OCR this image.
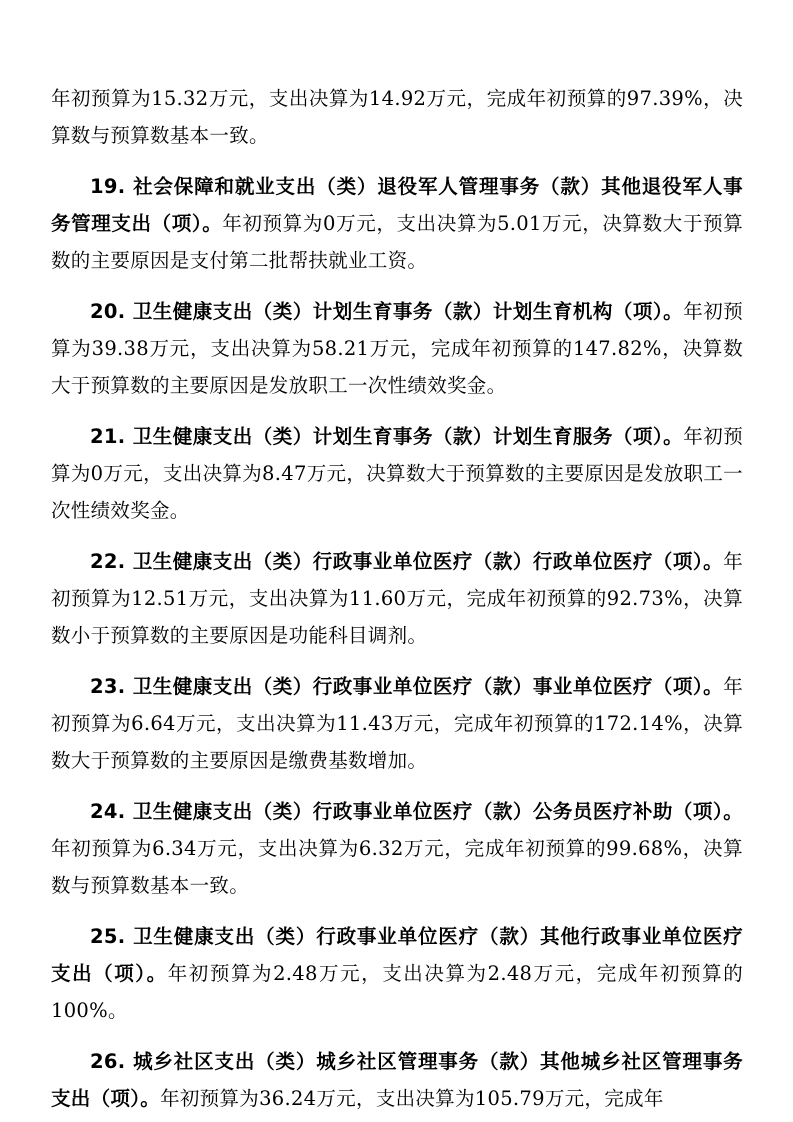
年初预算为15.32万元，支出决算为14.92万元，完成年初预算的97.39%，决算数与预算数基本一致。

19. 社会保障和就业支出（类）退役军人管理事务（款）其他退役军人事务管理支出（项）。年初预算为0万元，支出决算为5.01万元，决算数大于预算数的主要原因是支付第二批帮扶就业工资。

20. 卫生健康支出（类）计划生育事务（款）计划生育机构（项）。年初预算为39.38万元，支出决算为58.21万元，完成年初预算的147.82%，决算数大于预算数的主要原因是发放职工一次性绩效奖金。

21. 卫生健康支出（类）计划生育事务（款）计划生育服务（项）。年初预算为0万元，支出决算为8.47万元，决算数大于预算数的主要原因是发放职工一次性绩效奖金。

22. 卫生健康支出（类）行政事业单位医疗（款）行政单位医疗（项）。年初预算为12.51万元，支出决算为11.60万元，完成年初预算的92.73%，决算数小于预算数的主要原因是功能科目调剂。

23. 卫生健康支出（类）行政事业单位医疗（款）事业单位医疗（项）。年初预算为6.64万元，支出决算为11.43万元，完成年初预算的172.14%，决算数大于预算数的主要原因是缴费基数增加。

24. 卫生健康支出（类）行政事业单位医疗（款）公务员医疗补助（项）。年初预算为6.34万元，支出决算为6.32万元，完成年初预算的99.68%，决算数与预算数基本一致。

25. 卫生健康支出（类）行政事业单位医疗（款）其他行政事业单位医疗支出（项）。年初预算为2.48万元，支出决算为2.48万元，完成年初预算的100%。

26. 城乡社区支出（类）城乡社区管理事务（款）其他城乡社区管理事务支出（项）。年初预算为36.24万元，支出决算为105.79万元，完成年
